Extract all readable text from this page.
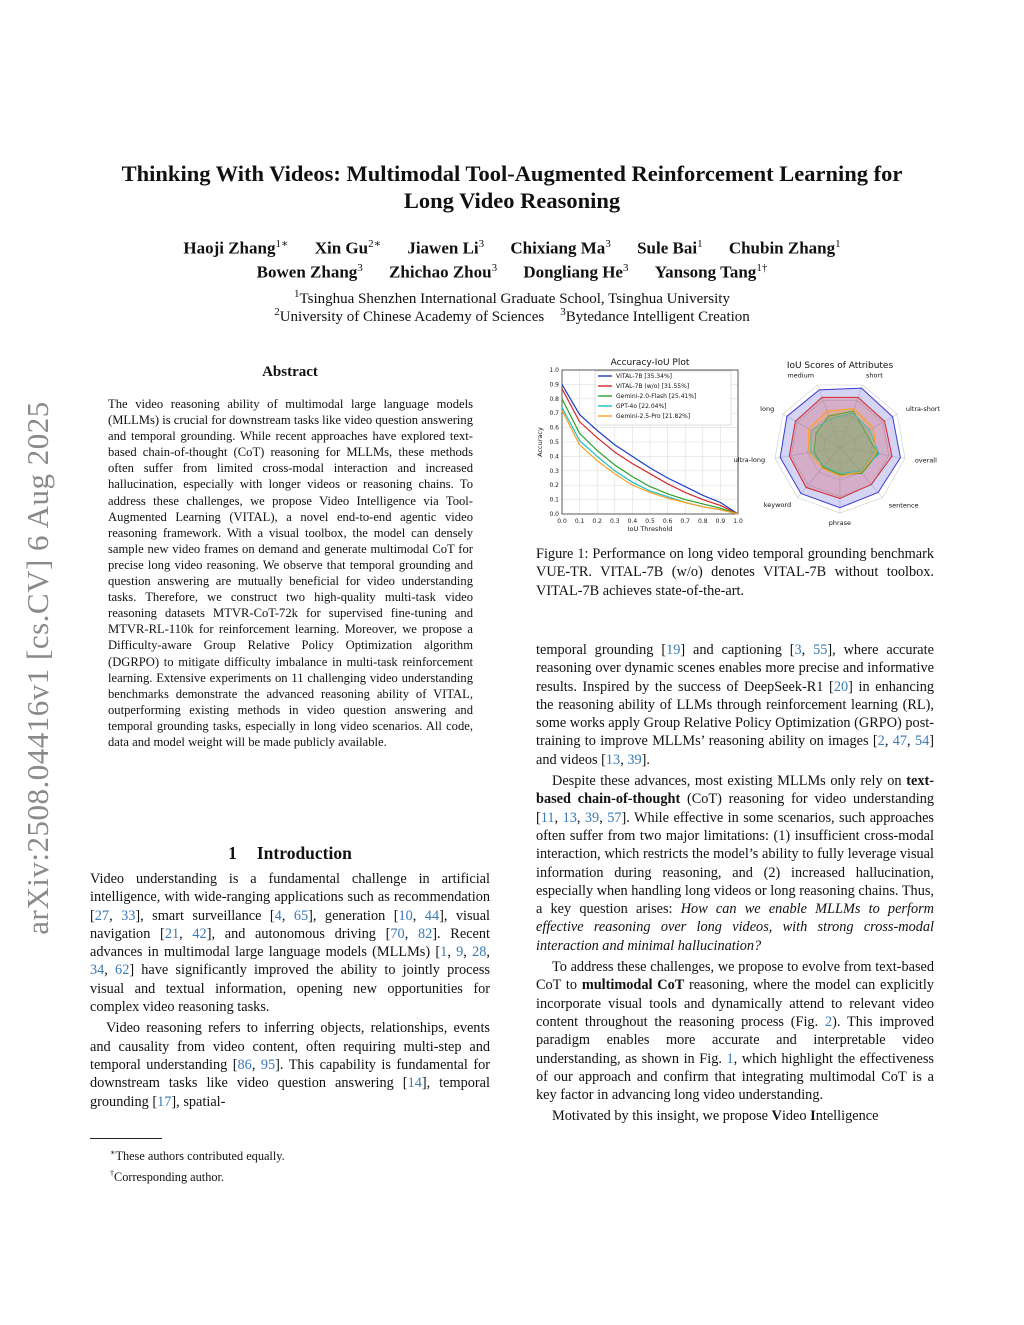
arXiv:2508.04416v1 [cs.CV] 6 Aug 2025
Thinking With Videos: Multimodal Tool-Augmented Reinforcement Learning for
Long Video Reasoning
Haoji Zhang$^{1∗}$ Xin $Gu^{2∗}$ Jiawen Li$^3$ Chixiang Ma$^3$ Sule Bai$^1$ Chubin Zhang$^1$
Bowen Zhang$^3$ Zhichao Zhou$^3$ Dongliang He$^3$ Yansong Tang$^{1\dagger}$
$^1$Tsinghua Shenzhen International Graduate School, Tsinghua University
$^2$University of Chinese Academy of Sciences $^3$Bytedance Intelligent Creation
Abstract
The video reasoning ability of multimodal large language models (MLLMs) is crucial for downstream tasks like video question answering and temporal grounding. While recent approaches have explored text-based chain-of-thought (CoT) reasoning for MLLMs, these methods often suffer from limited cross-modal interaction and increased hallucination, especially with longer videos or reasoning chains. To address these challenges, we propose Video Intelligence via Tool-Augmented Learning (VITAL), a novel end-to-end agentic video reasoning framework. With a visual toolbox, the model can densely sample new video frames on demand and generate multimodal CoT for precise long video reasoning. We observe that temporal grounding and question answering are mutually beneficial for video understanding tasks. Therefore, we construct two high-quality multi-task video reasoning datasets MTVR-CoT-72k for supervised fine-tuning and MTVR-RL-110k for reinforcement learning. Moreover, we propose a Difficulty-aware Group Relative Policy Optimization algorithm (DGRPO) to mitigate difficulty imbalance in multi-task reinforcement learning. Extensive experiments on 11 challenging video understanding benchmarks demonstrate the advanced reasoning ability of VITAL, outperforming existing methods in video question answering and temporal grounding tasks, especially in long video scenarios. All code, data and model weight will be made publicly available.
1 Introduction

Video understanding is a fundamental challenge in artificial intelligence, with wide-ranging applications such as recommendation [27, 33], smart surveillance [4, 65], generation [10, 44], visual navigation [21, 42], and autonomous driving [70, 82]. Recent advances in multimodal large language models (MLLMs) [1, 9, 28, 34, 62] have significantly improved the ability to jointly process visual and textual information, opening new opportunities for complex video reasoning tasks.

Video reasoning refers to inferring objects, relationships, events and causality from video content, often requiring multi-step and temporal understanding [86, 95]. This capability is fundamental for downstream tasks like video question answering [14], temporal grounding [17], spatial-

∗These authors contributed equally.
†Corresponding author.
Accuracy-IoU Plot
0.0 0.1 0.2 0.3 0.4 0.5 0.6 0.7 0.8 0.9 1.0
0.0
0.1
0.2
0.3
0.4
0.5
0.6
0.7
0.8
0.9
1.0
IoU Threshold
Accuracy
VITAL-7B [35.34%]
VITAL-7B (w/o) [31.55%]
Gemini-2.0-Flash [25.41%]
GPT-4o [22.04%]
Gemini-2.5-Pro [21.82%]
IoU Scores of Attributes
short
ultra-short
overall
sentence
phrase
keyword
ultra-long
long
medium
Figure 1: Performance on long video temporal grounding benchmark VUE-TR. VITAL-7B (w/o) denotes VITAL-7B without toolbox. VITAL-7B achieves state-of-the-art.

temporal grounding [19] and captioning [3, 55], where accurate reasoning over dynamic scenes enables more precise and informative results. Inspired by the success of DeepSeek-R1 [20] in enhancing the reasoning ability of LLMs through reinforcement learning (RL), some works apply Group Relative Policy Optimization (GRPO) post-training to improve MLLMs’ reasoning ability on images [2, 47, 54] and videos [13, 39].

Despite these advances, most existing MLLMs only rely on text-based chain-of-thought (CoT) reasoning for video understanding [11, 13, 39, 57]. While effective in some scenarios, such approaches often suffer from two major limitations: (1) insufficient cross-modal interaction, which restricts the model’s ability to fully leverage visual information during reasoning, and (2) increased hallucination, especially when handling long videos or long reasoning chains. Thus, a key question arises: How can we enable MLLMs to perform effective reasoning over long videos, with strong cross-modal interaction and minimal hallucination?

To address these challenges, we propose to evolve from text-based CoT to multimodal CoT reasoning, where the model can explicitly incorporate visual tools and dynamically attend to relevant video content throughout the reasoning process (Fig. 2). This improved paradigm enables more accurate and interpretable video understanding, as shown in Fig. 1, which highlight the effectiveness of our approach and confirm that integrating multimodal CoT is a key factor in advancing long video understanding.

Motivated by this insight, we propose Video Intelligence
